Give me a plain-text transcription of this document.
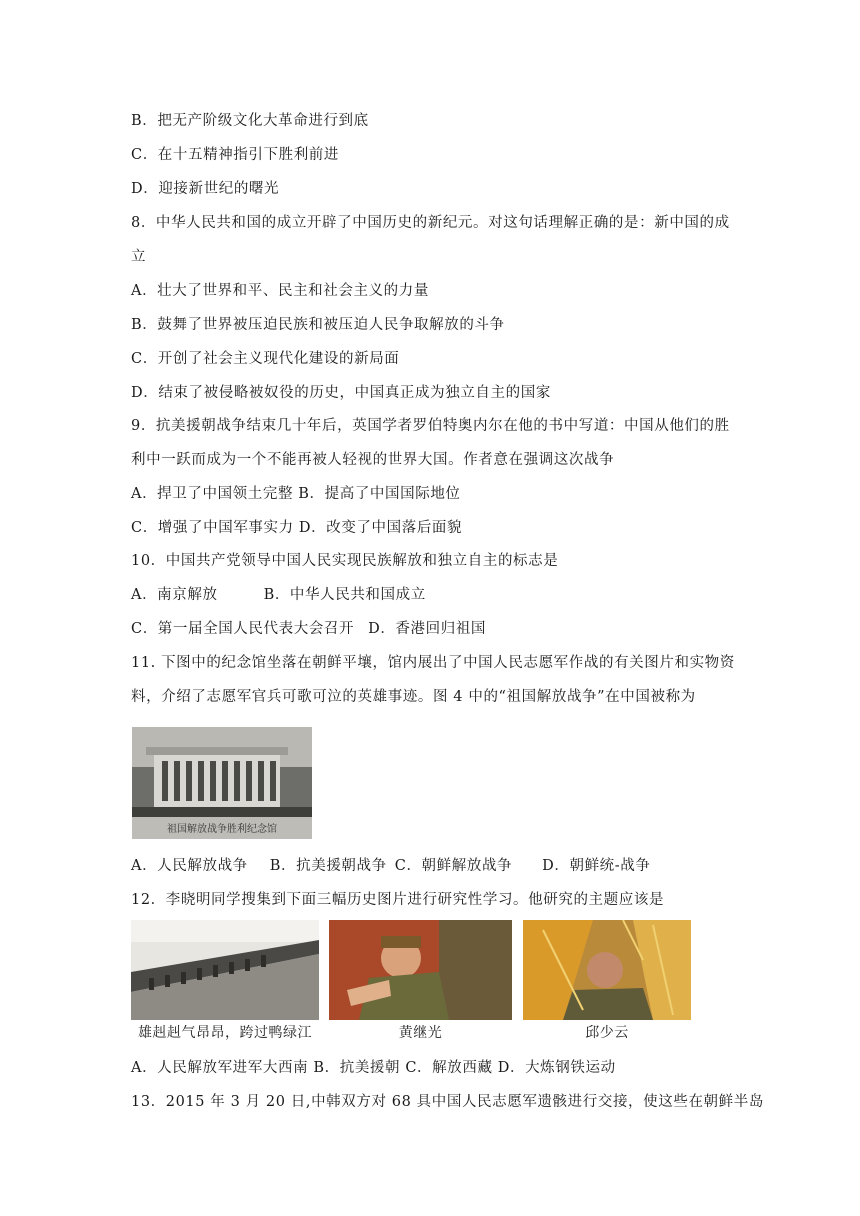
B．把无产阶级文化大革命进行到底
C．在十五精神指引下胜利前进
D．迎接新世纪的曙光
8．中华人民共和国的成立开辟了中国历史的新纪元。对这句话理解正确的是：新中国的成
立
A．壮大了世界和平、民主和社会主义的力量
B．鼓舞了世界被压迫民族和被压迫人民争取解放的斗争
C．开创了社会主义现代化建设的新局面
D．结束了被侵略被奴役的历史，中国真正成为独立自主的国家
9．抗美援朝战争结束几十年后，英国学者罗伯特奥内尔在他的书中写道：中国从他们的胜
利中一跃而成为一个不能再被人轻视的世界大国。作者意在强调这次战争
A．捍卫了中国领土完整 B．提高了中国国际地位
C．增强了中国军事实力 D．改变了中国落后面貌
10．中国共产党领导中国人民实现民族解放和独立自主的标志是
A．南京解放	B．中华人民共和国成立
C．第一届全国人民代表大会召开 D．香港回归祖国
11. 下图中的纪念馆坐落在朝鲜平壤，馆内展出了中国人民志愿军作战的有关图片和实物资
料，介绍了志愿军官兵可歌可泣的英雄事迹。图 4 中的“祖国解放战争”在中国被称为
祖国解放战争胜利纪念馆
A．人民解放战争 B．抗美援朝战争 C．朝鲜解放战争 D．朝鲜统-战争
12．李晓明同学搜集到下面三幅历史图片进行研究性学习。他研究的主题应该是
雄赳赳气昂昂，跨过鸭绿江	黄继光	邱少云
A．人民解放军进军大西南 B．抗美援朝 C．解放西藏 D．大炼钢铁运动
13．2015 年 3 月 20 日,中韩双方对 68 具中国人民志愿军遗骸进行交接，使这些在朝鲜半岛
